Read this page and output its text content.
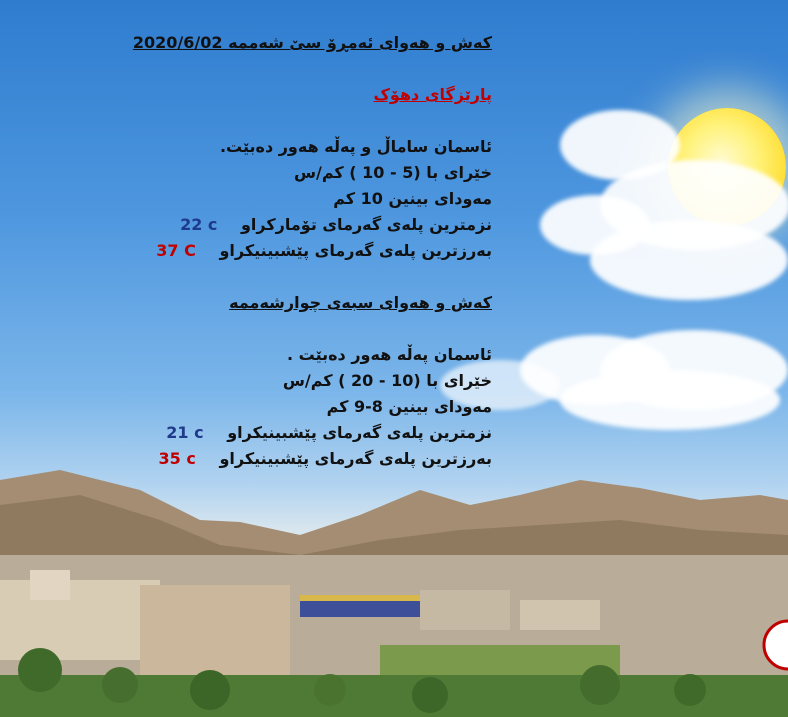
کەش و هەوای ئەمڕۆ سێ شەممە 2020/6/02
پارێزگای دهۆک
ئاسمان ساماڵ و پەڵە هەور دەبێت.
خێرای با (5 - 10 ) کم/س
مەودای بینین 10 کم
نزمترین پلەی گەرمای تۆمارکراو 22 c
بەرزترین پلەی گەرمای پێشبینیکراو 37 C
کەش و هەوای سبەی چوارشەممە
ئاسمان پەڵە هەور دەبێت .
خێرای با (10 - 20 ) کم/س
مەودای بینین 8-9 کم
نزمترین پلەی گەرمای پێشبینیکراو 21 c
بەرزترین پلەی گەرمای پێشبینیکراو 35 c
